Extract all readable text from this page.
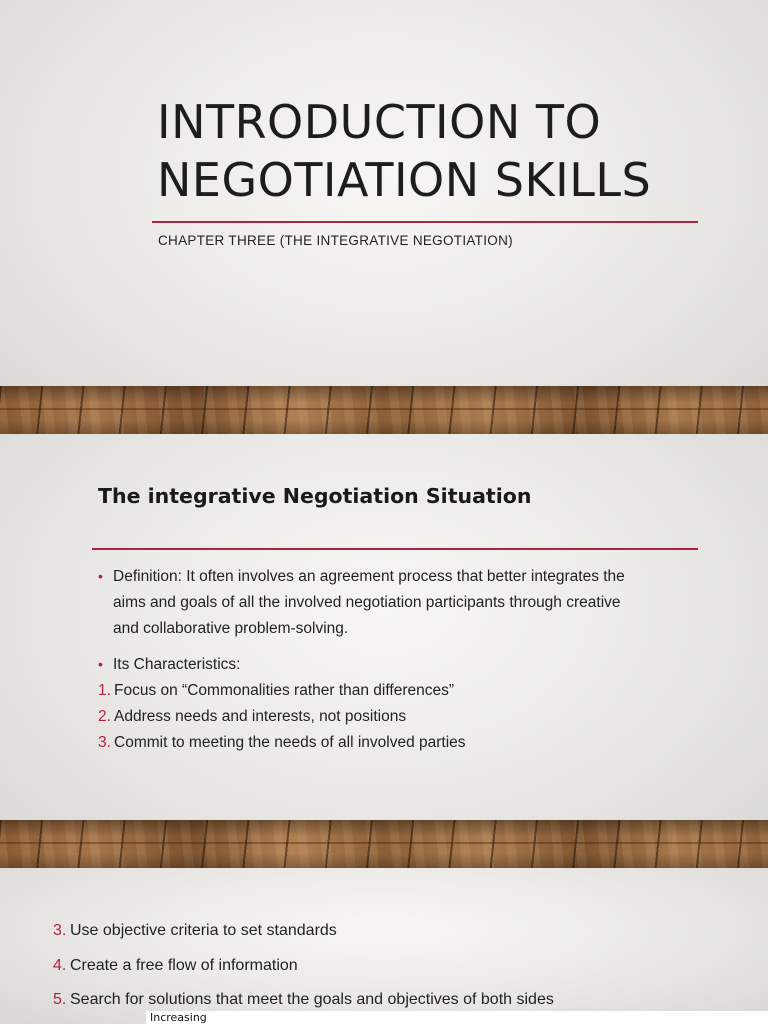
INTRODUCTION TO
NEGOTIATION SKILLS
CHAPTER THREE (THE INTEGRATIVE NEGOTIATION)
The integrative Negotiation Situation
• Definition: It often involves an agreement process that better integrates the
aims and goals of all the involved negotiation participants through creative
and collaborative problem-solving.
• Its Characteristics:
1. Focus on “Commonalities rather than differences”
2. Address needs and interests, not positions
3. Commit to meeting the needs of all involved parties
3. Use objective criteria to set standards
4. Create a free flow of information
5. Search for solutions that meet the goals and objectives of both sides
Increasing
